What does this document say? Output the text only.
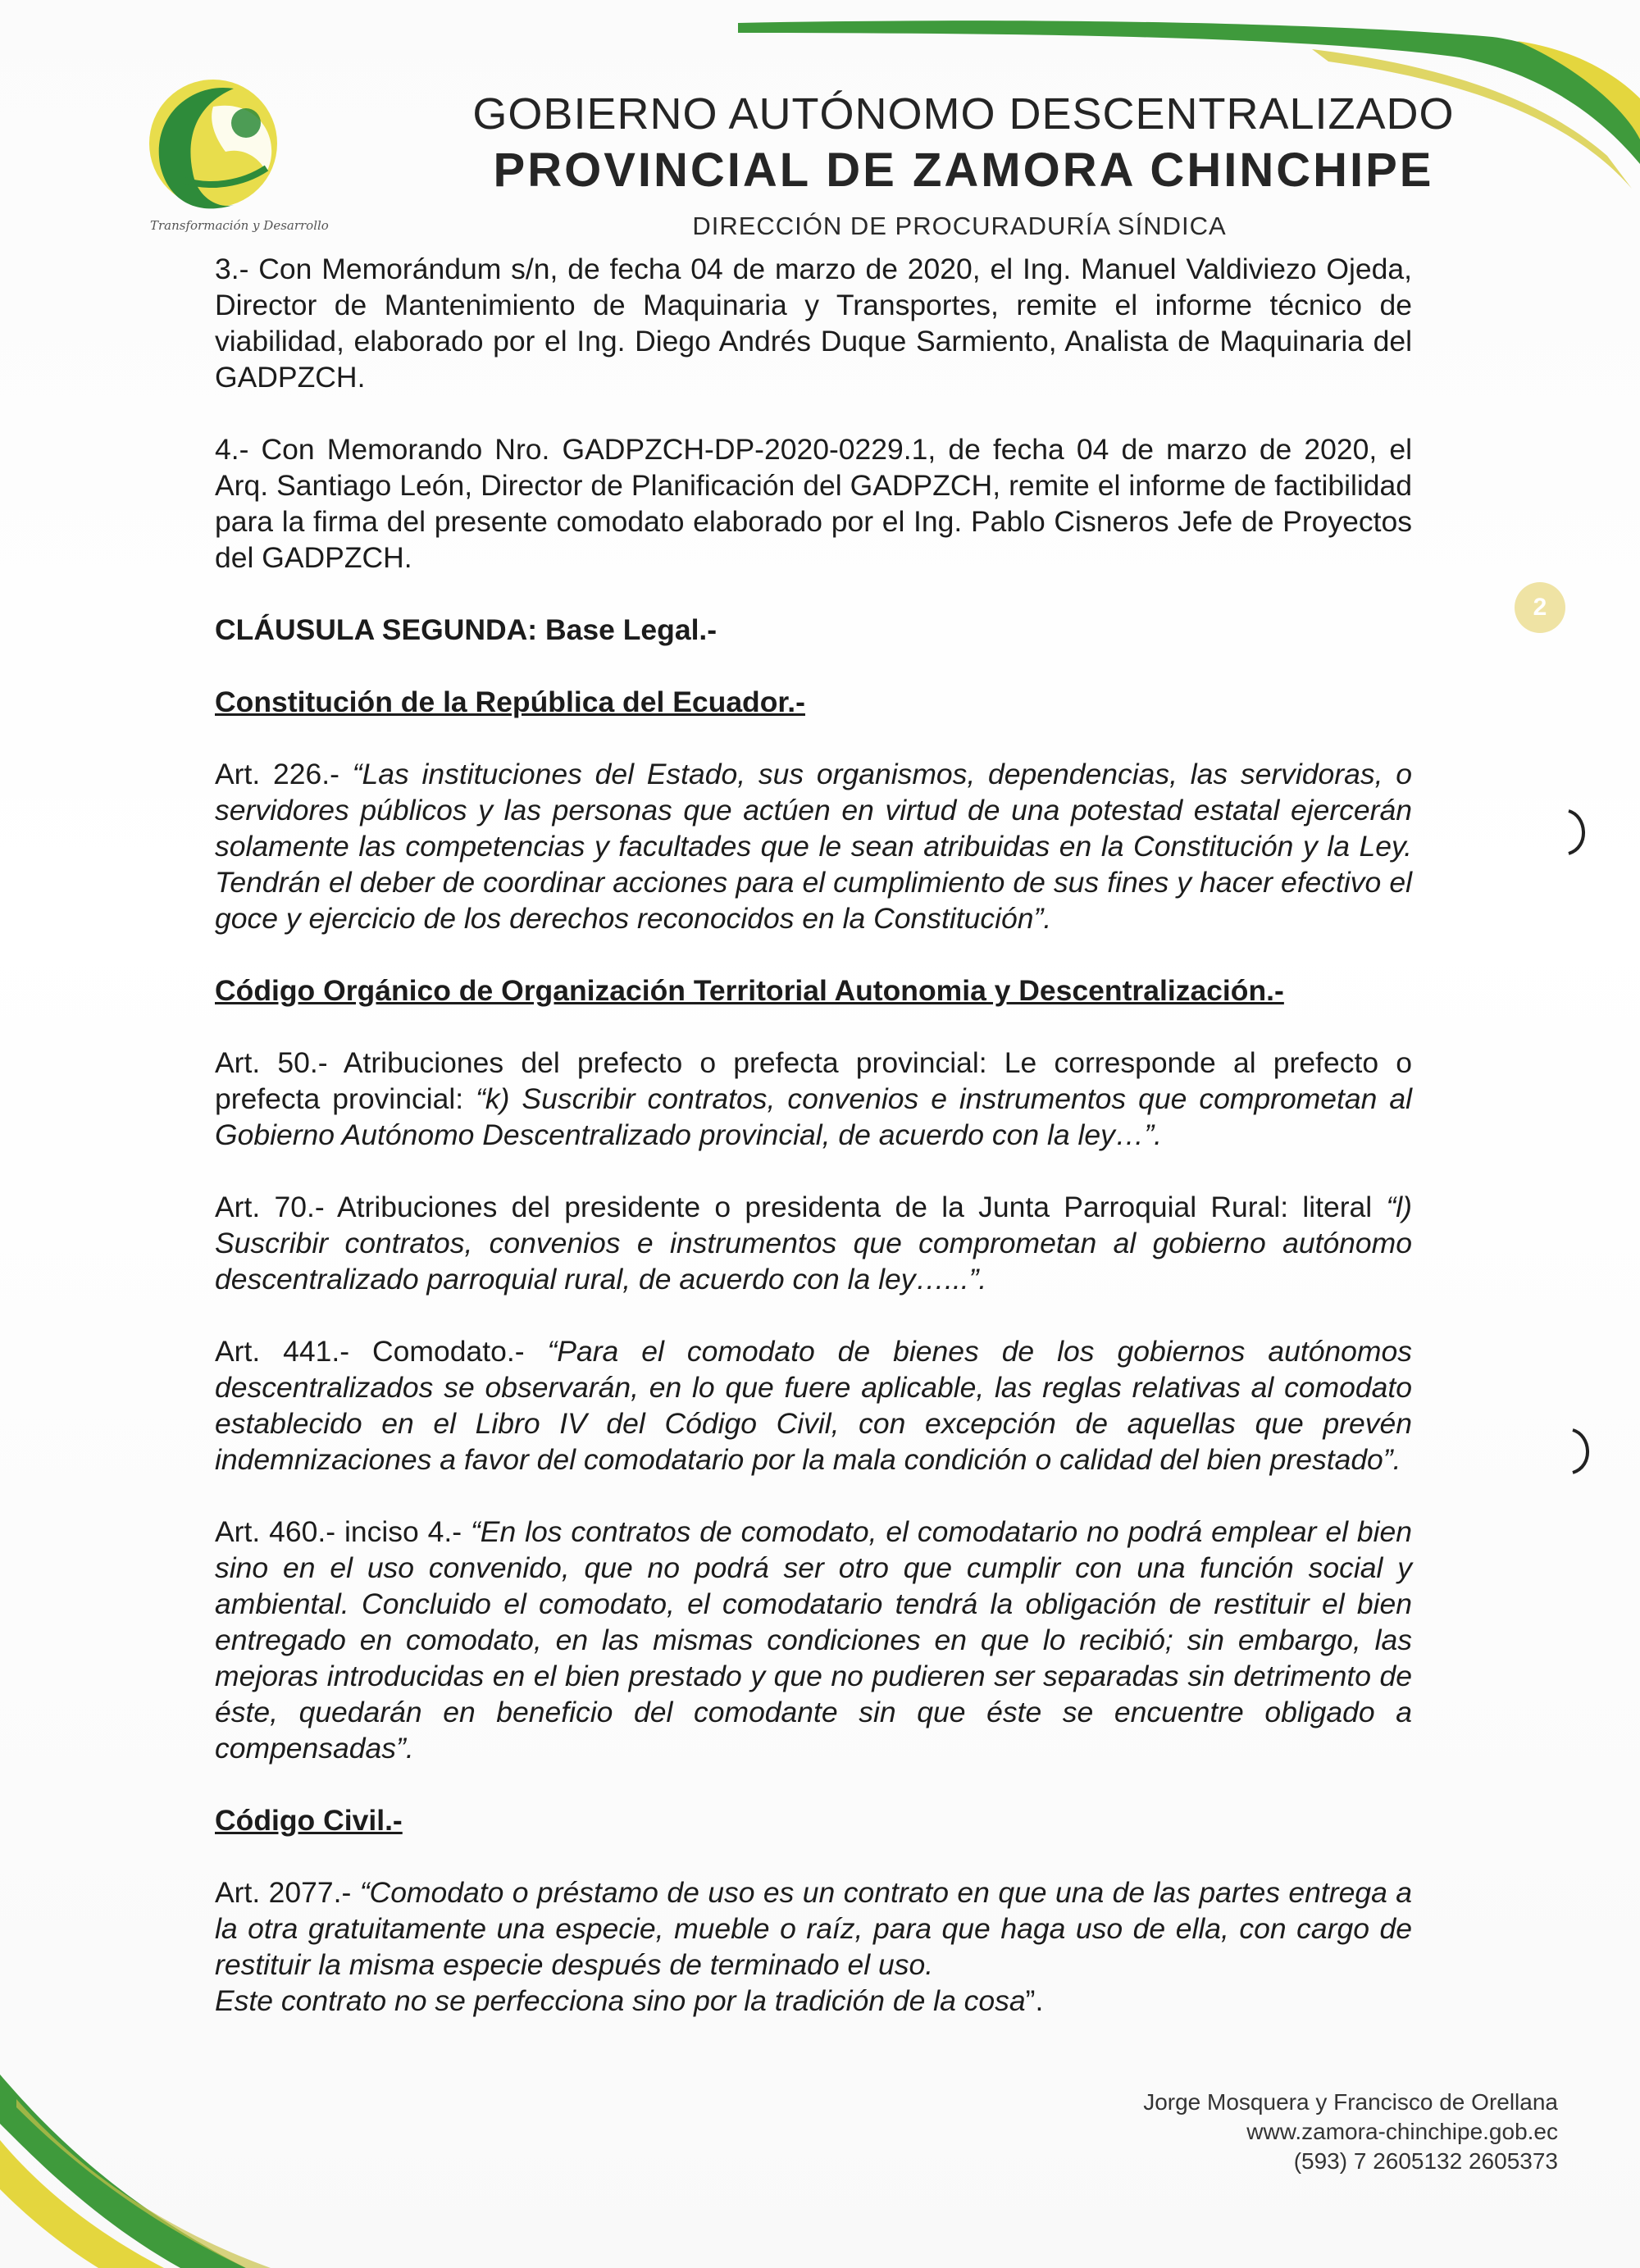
Transformación y Desarrollo
GOBIERNO AUTÓNOMO DESCENTRALIZADO
PROVINCIAL DE ZAMORA CHINCHIPE
DIRECCIÓN DE PROCURADURÍA SÍNDICA
2

3.- Con Memorándum s/n, de fecha 04 de marzo de 2020, el Ing. Manuel Valdiviezo Ojeda, Director de Mantenimiento de Maquinaria y Transportes, remite el informe técnico de viabilidad, elaborado por el Ing. Diego Andrés Duque Sarmiento, Analista de Maquinaria del GADPZCH.

4.- Con Memorando Nro. GADPZCH-DP-2020-0229.1, de fecha 04 de marzo de 2020, el Arq. Santiago León, Director de Planificación del GADPZCH, remite el informe de factibilidad para la firma del presente comodato elaborado por el Ing. Pablo Cisneros Jefe de Proyectos del GADPZCH.

CLÁUSULA SEGUNDA: Base Legal.-

Constitución de la República del Ecuador.-

Art. 226.- “Las instituciones del Estado, sus organismos, dependencias, las servidoras, o servidores públicos y las personas que actúen en virtud de una potestad estatal ejercerán solamente las competencias y facultades que le sean atribuidas en la Constitución y la Ley. Tendrán el deber de coordinar acciones para el cumplimiento de sus fines y hacer efectivo el goce y ejercicio de los derechos reconocidos en la Constitución”.

Código Orgánico de Organización Territorial Autonomia y Descentralización.-

Art. 50.- Atribuciones del prefecto o prefecta provincial: Le corresponde al prefecto o prefecta provincial: “k) Suscribir contratos, convenios e instrumentos que comprometan al Gobierno Autónomo Descentralizado provincial, de acuerdo con la ley…”.

Art. 70.- Atribuciones del presidente o presidenta de la Junta Parroquial Rural: literal “l) Suscribir contratos, convenios e instrumentos que comprometan al gobierno autónomo descentralizado parroquial rural, de acuerdo con la ley…...”.

Art. 441.- Comodato.- “Para el comodato de bienes de los gobiernos autónomos descentralizados se observarán, en lo que fuere aplicable, las reglas relativas al comodato establecido en el Libro IV del Código Civil, con excepción de aquellas que prevén indemnizaciones a favor del comodatario por la mala condición o calidad del bien prestado”.

Art. 460.- inciso 4.- “En los contratos de comodato, el comodatario no podrá emplear el bien sino en el uso convenido, que no podrá ser otro que cumplir con una función social y ambiental. Concluido el comodato, el comodatario tendrá la obligación de restituir el bien entregado en comodato, en las mismas condiciones en que lo recibió; sin embargo, las mejoras introducidas en el bien prestado y que no pudieren ser separadas sin detrimento de éste, quedarán en beneficio del comodante sin que éste se encuentre obligado a compensadas”.

Código Civil.-

Art. 2077.- “Comodato o préstamo de uso es un contrato en que una de las partes entrega a la otra gratuitamente una especie, mueble o raíz, para que haga uso de ella, con cargo de restituir la misma especie después de terminado el uso.

Este contrato no se perfecciona sino por la tradición de la cosa”.

Jorge Mosquera y Francisco de Orellana
www.zamora-chinchipe.gob.ec
(593) 7 2605132 2605373
